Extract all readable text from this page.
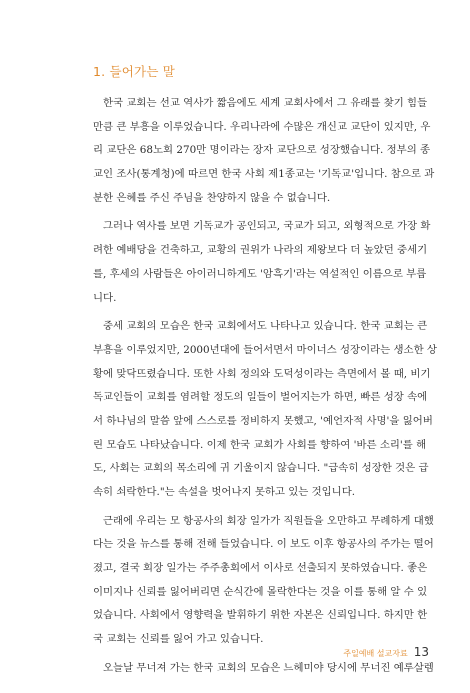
1. 들어가는 말
한국 교회는 선교 역사가 짧음에도 세계 교회사에서 그 유래를 찾기 힘들
만큼 큰 부흥을 이루었습니다. 우리나라에 수많은 개신교 교단이 있지만, 우
리 교단은 68노회 270만 명이라는 장자 교단으로 성장했습니다. 정부의 종
교인 조사(통계청)에 따르면 한국 사회 제1종교는 '기독교'입니다. 참으로 과
분한 은혜를 주신 주님을 찬양하지 않을 수 없습니다.
그러나 역사를 보면 기독교가 공인되고, 국교가 되고, 외형적으로 가장 화
려한 예배당을 건축하고, 교황의 권위가 나라의 제왕보다 더 높았던 중세기
를, 후세의 사람들은 아이러니하게도 '암흑기'라는 역설적인 이름으로 부릅
니다.
중세 교회의 모습은 한국 교회에서도 나타나고 있습니다. 한국 교회는 큰
부흥을 이루었지만, 2000년대에 들어서면서 마이너스 성장이라는 생소한 상
황에 맞닥뜨렸습니다. 또한 사회 정의와 도덕성이라는 측면에서 볼 때, 비기
독교인들이 교회를 염려할 정도의 일들이 벌어지는가 하면, 빠른 성장 속에
서 하나님의 말씀 앞에 스스로를 정비하지 못했고, '예언자적 사명'을 잃어버
린 모습도 나타났습니다. 이제 한국 교회가 사회를 향하여 '바른 소리'를 해
도, 사회는 교회의 목소리에 귀 기울이지 않습니다. "급속히 성장한 것은 급
속히 쇠락한다."는 속설을 벗어나지 못하고 있는 것입니다.
근래에 우리는 모 항공사의 회장 일가가 직원들을 오만하고 무례하게 대했
다는 것을 뉴스를 통해 전해 들었습니다. 이 보도 이후 항공사의 주가는 떨어
졌고, 결국 회장 일가는 주주총회에서 이사로 선출되지 못하였습니다. 좋은
이미지나 신뢰를 잃어버리면 순식간에 몰락한다는 것을 이를 통해 알 수 있
었습니다. 사회에서 영향력을 발휘하기 위한 자본은 신뢰입니다. 하지만 한
국 교회는 신뢰를 잃어 가고 있습니다.
오늘날 무너져 가는 한국 교회의 모습은 느헤미야 당시에 무너진 예루살렘
주일예배 설교자료 13
